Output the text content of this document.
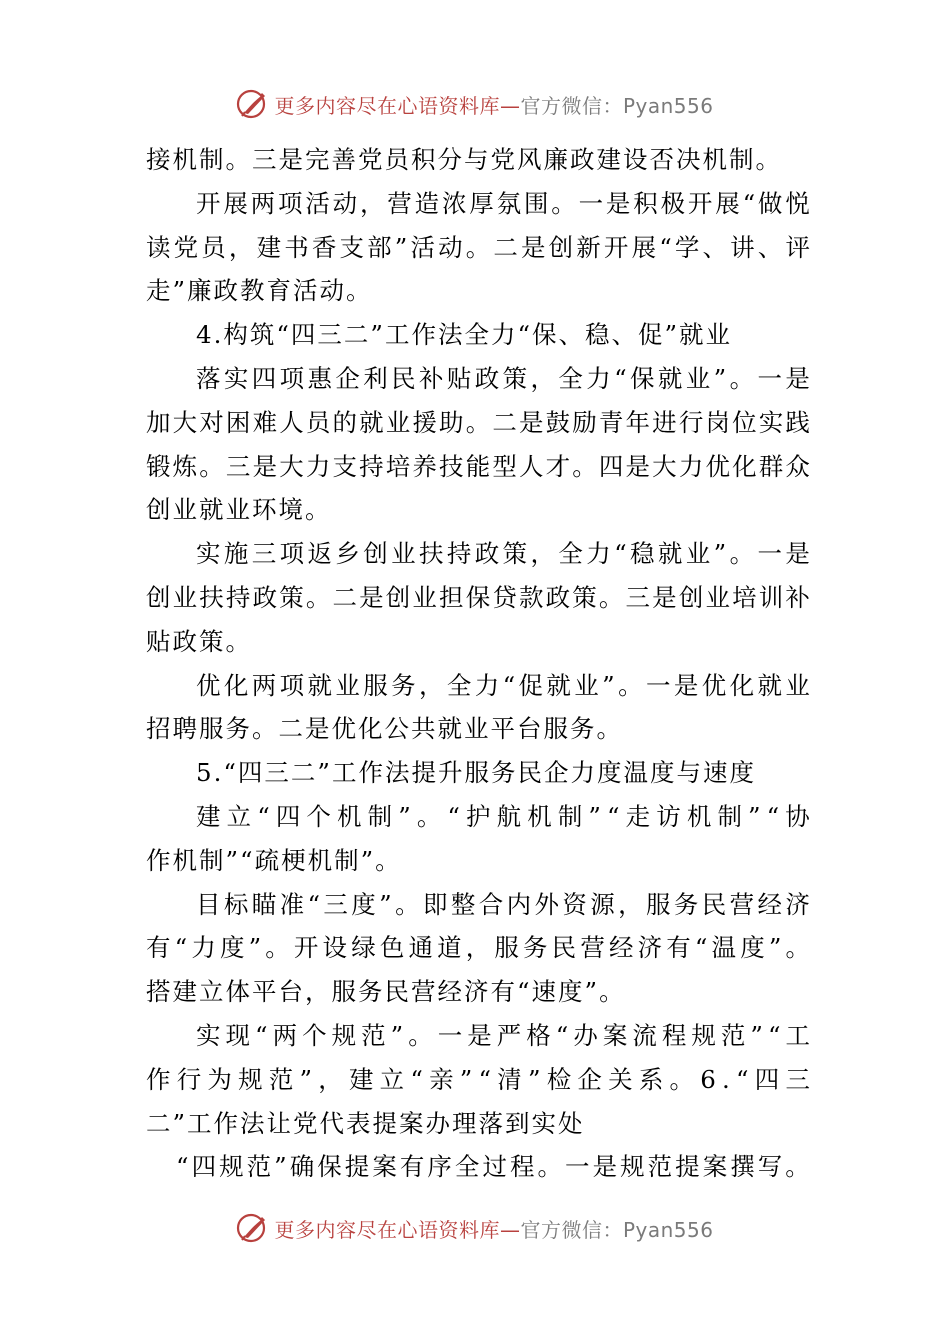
更多内容尽在心语资料库—官方微信：Pyan556
接 机 制 。 三 是 完 善 党 员 积 分 与 党 风 廉 政 建 设 否 决 机 制 。
开 展 两 项 活 动 ， 营 造 浓 厚 氛 围 。 一 是 积 极 开 展 “ 做 悦
读 党 员 ， 建 书 香 支 部 ” 活 动 。 二 是 创 新 开 展 “ 学 、 讲 、 评
走 ” 廉 政 教 育 活 动 。
4 . 构 筑 “ 四 三 二 ” 工 作 法 全 力 “ 保 、 稳 、 促 ” 就 业
落 实 四 项 惠 企 利 民 补 贴 政 策 ， 全 力 “ 保 就 业 ” 。 一 是
加 大 对 困 难 人 员 的 就 业 援 助 。 二 是 鼓 励 青 年 进 行 岗 位 实 践
锻 炼 。 三 是 大 力 支 持 培 养 技 能 型 人 才 。 四 是 大 力 优 化 群 众
创 业 就 业 环 境 。
实 施 三 项 返 乡 创 业 扶 持 政 策 ， 全 力 “ 稳 就 业 ” 。 一 是
创 业 扶 持 政 策 。 二 是 创 业 担 保 贷 款 政 策 。 三 是 创 业 培 训 补
贴 政 策 。
优 化 两 项 就 业 服 务 ， 全 力 “ 促 就 业 ” 。 一 是 优 化 就 业
招 聘 服 务 。 二 是 优 化 公 共 就 业 平 台 服 务 。
5 . “ 四 三 二 ” 工 作 法 提 升 服 务 民 企 力 度 温 度 与 速 度
建 立 “ 四 个 机 制 ” 。 “ 护 航 机 制 ” “ 走 访 机 制 ” “ 协
作 机 制 ” “ 疏 梗 机 制 ” 。
目 标 瞄 准 “ 三 度 ” 。 即 整 合 内 外 资 源 ， 服 务 民 营 经 济
有 “ 力 度 ” 。 开 设 绿 色 通 道 ， 服 务 民 营 经 济 有 “ 温 度 ” 。
搭 建 立 体 平 台 ， 服 务 民 营 经 济 有 “ 速 度 ” 。
实 现 “ 两 个 规 范 ” 。 一 是 严 格 “ 办 案 流 程 规 范 ” “ 工
作 行 为 规 范 ” ， 建 立 “ 亲 ” “ 清 ” 检 企 关 系 。 6 . “ 四 三
二 ” 工 作 法 让 党 代 表 提 案 办 理 落 到 实 处
“ 四 规 范 ” 确 保 提 案 有 序 全 过 程 。 一 是 规 范 提 案 撰 写 。
更多内容尽在心语资料库—官方微信：Pyan556
